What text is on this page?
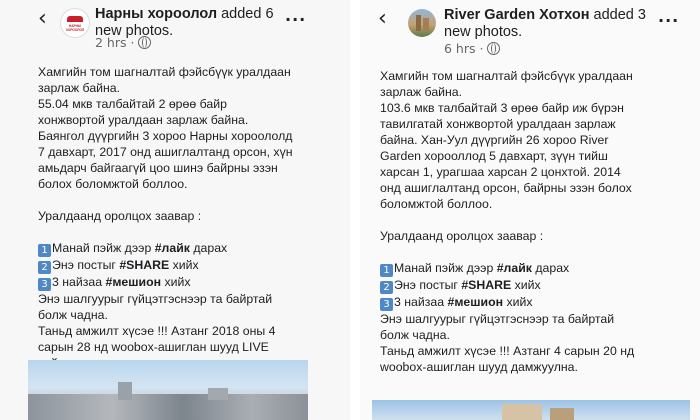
‹	НАРНЫ ХОРООЛОЛ
Нарны хороолол added 6 new photos.
2 hrs ·
···

Хамгийн том шагналтай фэйсбүүк уралдаан

зарлаж байна.

55.04 мкв талбайтай 2 өрөө байр

хонжвортой уралдаан зарлаж байна.

Баянгол дүүргийн 3 хороо Нарны хороололд

7 давхарт, 2017 онд ашиглалтанд орсон, хүн

амьдарч байгаагүй цоо шинэ байрны эзэн

болох боломжтой боллоо.

Уралдаанд оролцох заавар :

1 Манай пэйж дээр #лайк дарах

2 Энэ постыг #SHARE хийх

3 3 найзаа #мешион хийх

Энэ шалгуурыг гүйцэтгэснээр та байртай

болж чадна.

Таньд амжилт хүсэе !!! Азтанг 2018 оны 4

сарын 28 нд woobox-ашиглан шууд LIVE

‹	River Garden Хотхон added 3
new photos.
6 hrs ·
···

Хамгийн том шагналтай фэйсбүүк уралдаан

зарлаж байна.

103.6 мкв талбайтай 3 өрөө байр иж бүрэн

тавилгатай хонжвортой уралдаан зарлаж

байна. Хан-Уул дүүргийн 26 хороо River

Garden хорооллод 5 давхарт, зүүн тийш

харсан 1, урагшаа харсан 2 цонхтой. 2014

онд ашиглалтанд орсон, байрны эзэн болох

боломжтой боллоо.

Уралдаанд оролцох заавар :

1 Манай пэйж дээр #лайк дарах

2 Энэ постыг #SHARE хийх

3 3 найзаа #мешион хийх

Энэ шалгуурыг гүйцэтгэснээр та байртай

болж чадна.

Таньд амжилт хүсэе !!! Азтанг 4 сарын 20 нд

woobox-ашиглан шууд дамжуулна.
